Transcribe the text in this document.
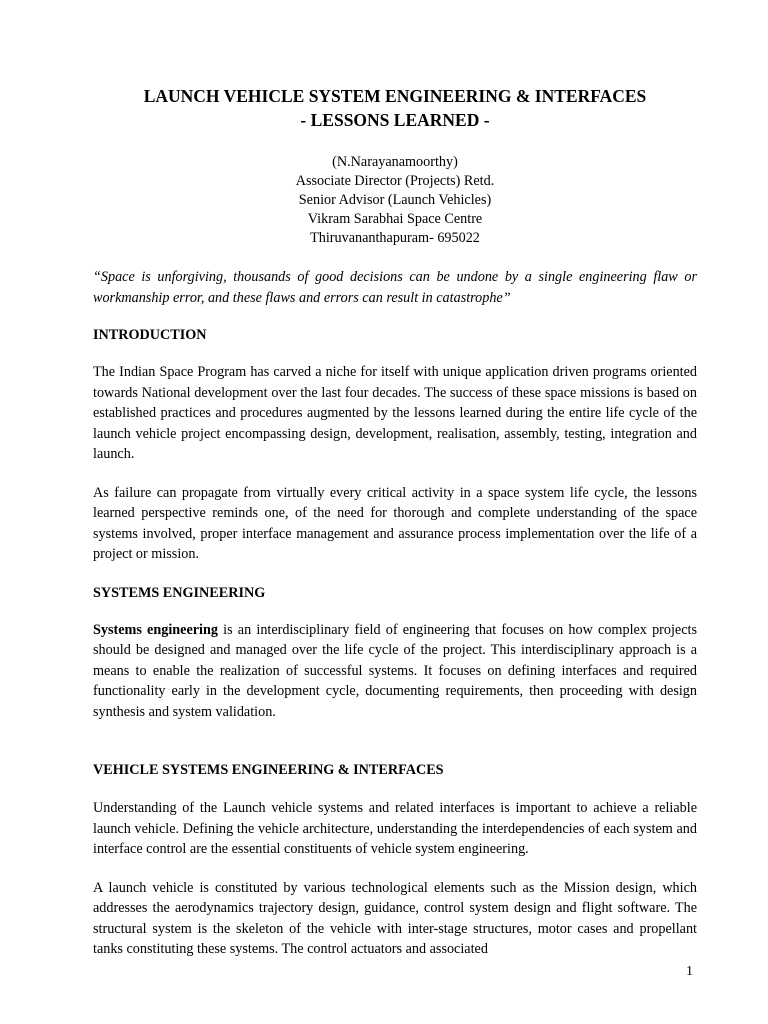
LAUNCH VEHICLE SYSTEM ENGINEERING & INTERFACES
- LESSONS LEARNED -
(N.Narayanamoorthy)
Associate Director (Projects) Retd.
Senior Advisor (Launch Vehicles)
Vikram Sarabhai Space Centre
Thiruvananthapuram- 695022

“Space is unforgiving, thousands of good decisions can be undone by a single engineering flaw or workmanship error, and these flaws and errors can result in catastrophe”

INTRODUCTION

The Indian Space Program has carved a niche for itself with unique application driven programs oriented towards National development over the last four decades. The success of these space missions is based on established practices and procedures augmented by the lessons learned during the entire life cycle of the launch vehicle project encompassing design, development, realisation, assembly, testing, integration and launch.

As failure can propagate from virtually every critical activity in a space system life cycle, the lessons learned perspective reminds one, of the need for thorough and complete understanding of the space systems involved, proper interface management and assurance process implementation over the life of a project or mission.

SYSTEMS ENGINEERING

Systems engineering is an interdisciplinary field of engineering that focuses on how complex projects should be designed and managed over the life cycle of the project. This interdisciplinary approach is a means to enable the realization of successful systems. It focuses on defining interfaces and required functionality early in the development cycle, documenting requirements, then proceeding with design synthesis and system validation.

VEHICLE SYSTEMS ENGINEERING & INTERFACES

Understanding of the Launch vehicle systems and related interfaces is important to achieve a reliable launch vehicle. Defining the vehicle architecture, understanding the interdependencies of each system and interface control are the essential constituents of vehicle system engineering.

A launch vehicle is constituted by various technological elements such as the Mission design, which addresses the aerodynamics trajectory design, guidance, control system design and flight software. The structural system is the skeleton of the vehicle with inter-stage structures, motor cases and propellant tanks constituting these systems. The control actuators and associated

1
